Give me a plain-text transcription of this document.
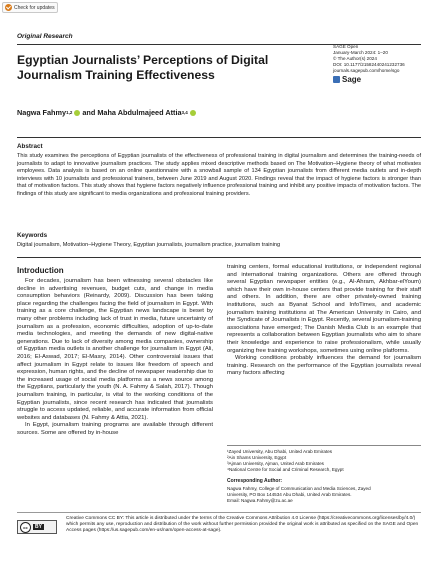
Check for updates
Original Research
SAGE Open
January-March 2024: 1–20
© The Author(s) 2024
DOI: 10.1177/21582440241232736
journals.sagepub.com/home/sgo
Sage
Egyptian Journalists’ Perceptions of Digital Journalism Training Effectiveness
Nagwa Fahmy 1,2 and Maha Abdulmajeed Attia 3,4
Abstract
This study examines the perceptions of Egyptian journalists of the effectiveness of professional training in digital journalism and determines the training-needs of journalists to adapt to innovative journalism practices. The study applies mixed descriptive methods based on The Motivation–Hygiene theory of what motivates employees. Data analysis is based on an online questionnaire with a snowball sample of 134 Egyptian journalists from different media outlets and in-depth interviews with 10 journalists and professional trainers, between June 2019 and August 2020. Findings reveal that the impact of hygiene factors is stronger than that of motivation factors. This study shows that hygiene factors negatively influence professional training and inhibit any positive impacts of motivation factors. The findings of this study are significant to media organizations and professional training providers.
Keywords
Digital journalism, Motivation–Hygiene Theory, Egyptian journalists, journalism practice, journalism training
Introduction

For decades, journalism has been witnessing several obstacles like decline in advertising revenues, budget cuts, and change in media consumption behaviors (Reinardy, 2009). Discussion has been taking place regarding the challenges facing the field of journalism in Egypt. With training as a core challenge, the Egyptian news landscape is beset by many other problems including lack of trust in media, future uncertainty of journalism as a profession, economic difficulties, adoption of up-to-date media technologies, and meeting the demands of new digital-native generations. Due to lack of diversity among media companies, ownership of Egyptian media outlets is another challenge for journalism in Egypt (Ali, 2016; El-Aswad, 2017; El-Masry, 2014). Other controversial issues that affect journalism in Egypt relate to issues like freedom of speech and expression, human rights, and the decline of newspaper readership due to the increased usage of social media platforms as a news source among the Egyptians, particularly the youth (N. A. Fahmy & Salah, 2017). Though journalism training, in particular, is vital to the working conditions of the Egyptian journalists, since recent research has indicated that journalists struggle to access updated, reliable, and accurate information from official websites and databases (N. Fahmy & Attia, 2021).

In Egypt, journalism training programs are available through different sources. Some are offered by in-house

training centers, formal educational institutions, or independent regional and international training organizations. Others are offered through several Egyptian newspaper entities (e.g., Al-Ahram, Akhbar-elYoum) which have their own in-house centers that provide training for their staff and others. In addition, there are other privately-owned training institutions, such as Byanat School and InfoTimes, and academic journalism training institutions at The American University in Cairo, and the Syndicate of Journalists in Egypt. Recently, several journalism-training associations have emerged; The Danish Media Club is an example that represents a collaboration between Egyptian journalists who aim to share their knowledge and experience to raise professionalism, while usually organizing free training workshops, sometimes using online platforms.

Working conditions probably influences the demand for journalism training. Research on the performance of the Egyptian journalists reveal many factors affecting

¹Zayed University, Abu Dhabi, United Arab Emirates
²Ain Shams University, Egypt
³Ajman University, Ajman, United Arab Emirates
⁴National Centre for Social and Criminal Research, Egypt
Corresponding Author:
Nagwa Fahmy, College of Communication and Media Sciences, Zayed
University, PO Box 144534 Abu Dhabi, United Arab Emirates.
Email: Nagwa.Fahmy@zu.ac.ae
cc	BY
Creative Commons CC BY: This article is distributed under the terms of the Creative Commons Attribution 4.0 License (https://creativecommons.org/licenses/by/4.0/) which permits any use, reproduction and distribution of the work without further permission provided the original work is attributed as specified on the SAGE and Open Access pages (https://us.sagepub.com/en-us/nam/open-access-at-sage).
